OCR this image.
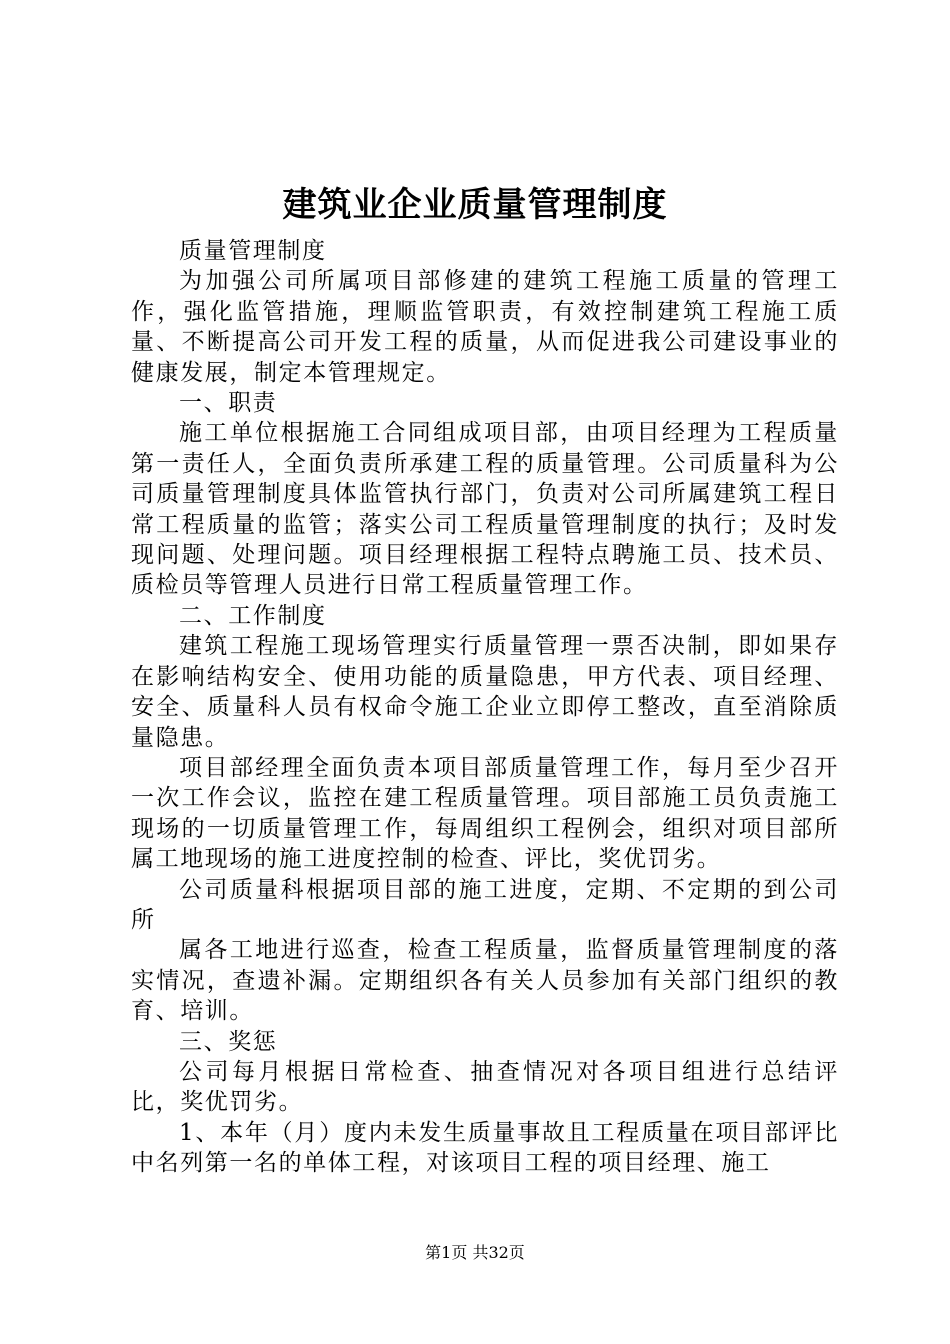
建筑业企业质量管理制度

质量管理制度

为加强公司所属项目部修建的建筑工程施工质量的管理工作，强化监管措施，理顺监管职责，有效控制建筑工程施工质量、不断提高公司开发工程的质量，从而促进我公司建设事业的健康发展，制定本管理规定。

一、职责

施工单位根据施工合同组成项目部，由项目经理为工程质量第一责任人，全面负责所承建工程的质量管理。公司质量科为公司质量管理制度具体监管执行部门，负责对公司所属建筑工程日常工程质量的监管；落实公司工程质量管理制度的执行；及时发现问题、处理问题。项目经理根据工程特点聘施工员、技术员、质检员等管理人员进行日常工程质量管理工作。

二、工作制度

建筑工程施工现场管理实行质量管理一票否决制，即如果存在影响结构安全、使用功能的质量隐患，甲方代表、项目经理、安全、质量科人员有权命令施工企业立即停工整改，直至消除质量隐患。

项目部经理全面负责本项目部质量管理工作，每月至少召开一次工作会议，监控在建工程质量管理。项目部施工员负责施工现场的一切质量管理工作，每周组织工程例会，组织对项目部所属工地现场的施工进度控制的检查、评比，奖优罚劣。

公司质量科根据项目部的施工进度，定期、不定期的到公司所

属各工地进行巡查，检查工程质量，监督质量管理制度的落实情况，查遗补漏。定期组织各有关人员参加有关部门组织的教育、培训。

三、奖惩

公司每月根据日常检查、抽查情况对各项目组进行总结评比，奖优罚劣。

1、本年（月）度内未发生质量事故且工程质量在项目部评比中名列第一名的单体工程，对该项目工程的项目经理、施工

第1页 共32页
